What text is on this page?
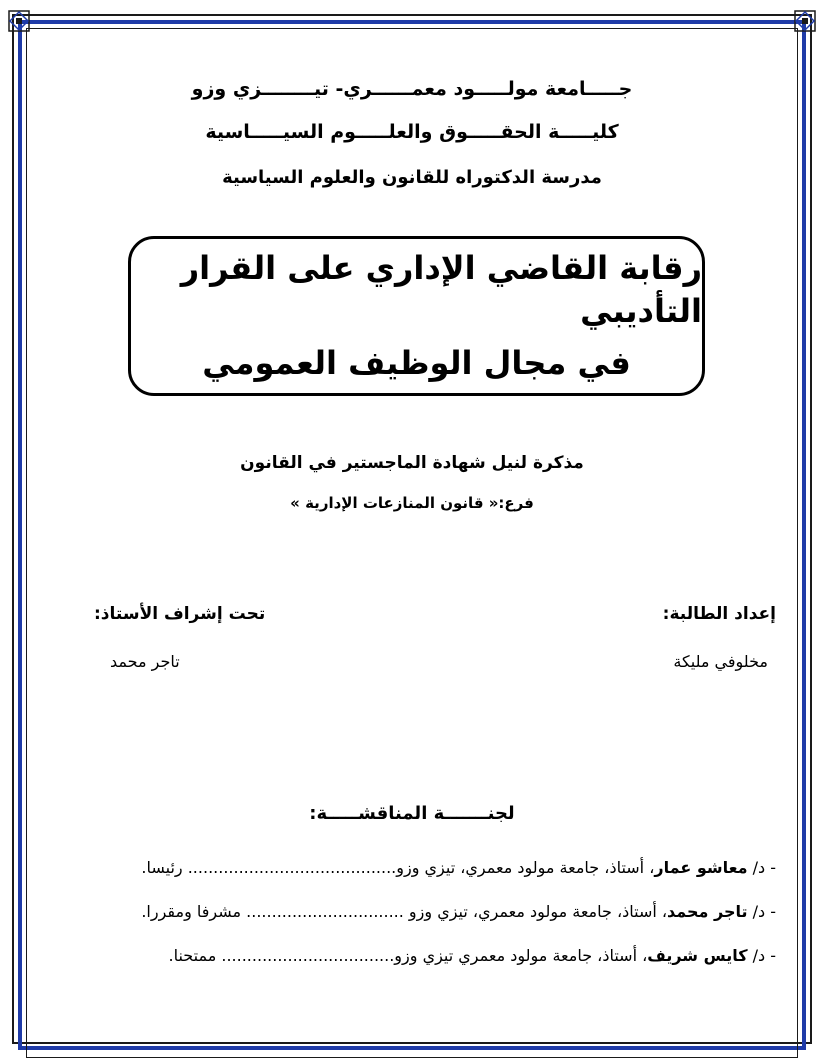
جـــــامعة مولـــــود معمــــــري- تيــــــــزي وزو
كليـــــة الحقـــــوق والعلـــــوم السيـــــاسية
مدرسة الدكتوراه للقانون والعلوم السياسية
رقابة القاضي الإداري على القرار التأديبي
في مجال الوظيف العمومي
مذكرة لنيل شهادة الماجستير في القانون
فرع:« قانون المنازعات الإدارية »
إعداد الطالبة:
تحت إشراف الأستاذ:
مخلوفي مليكة
تاجر محمد
لجنـــــــة المناقشـــــة:
- د/ معاشو عمار، أستاذ، جامعة مولود معمري، تيزي وزو......................................... رئيسا.
- د/ تاجر محمد، أستاذ، جامعة مولود معمري، تيزي وزو ............................... مشرفا ومقررا.
- د/ كايس شريف، أستاذ، جامعة مولود معمري تيزي وزو.................................. ممتحنا.
